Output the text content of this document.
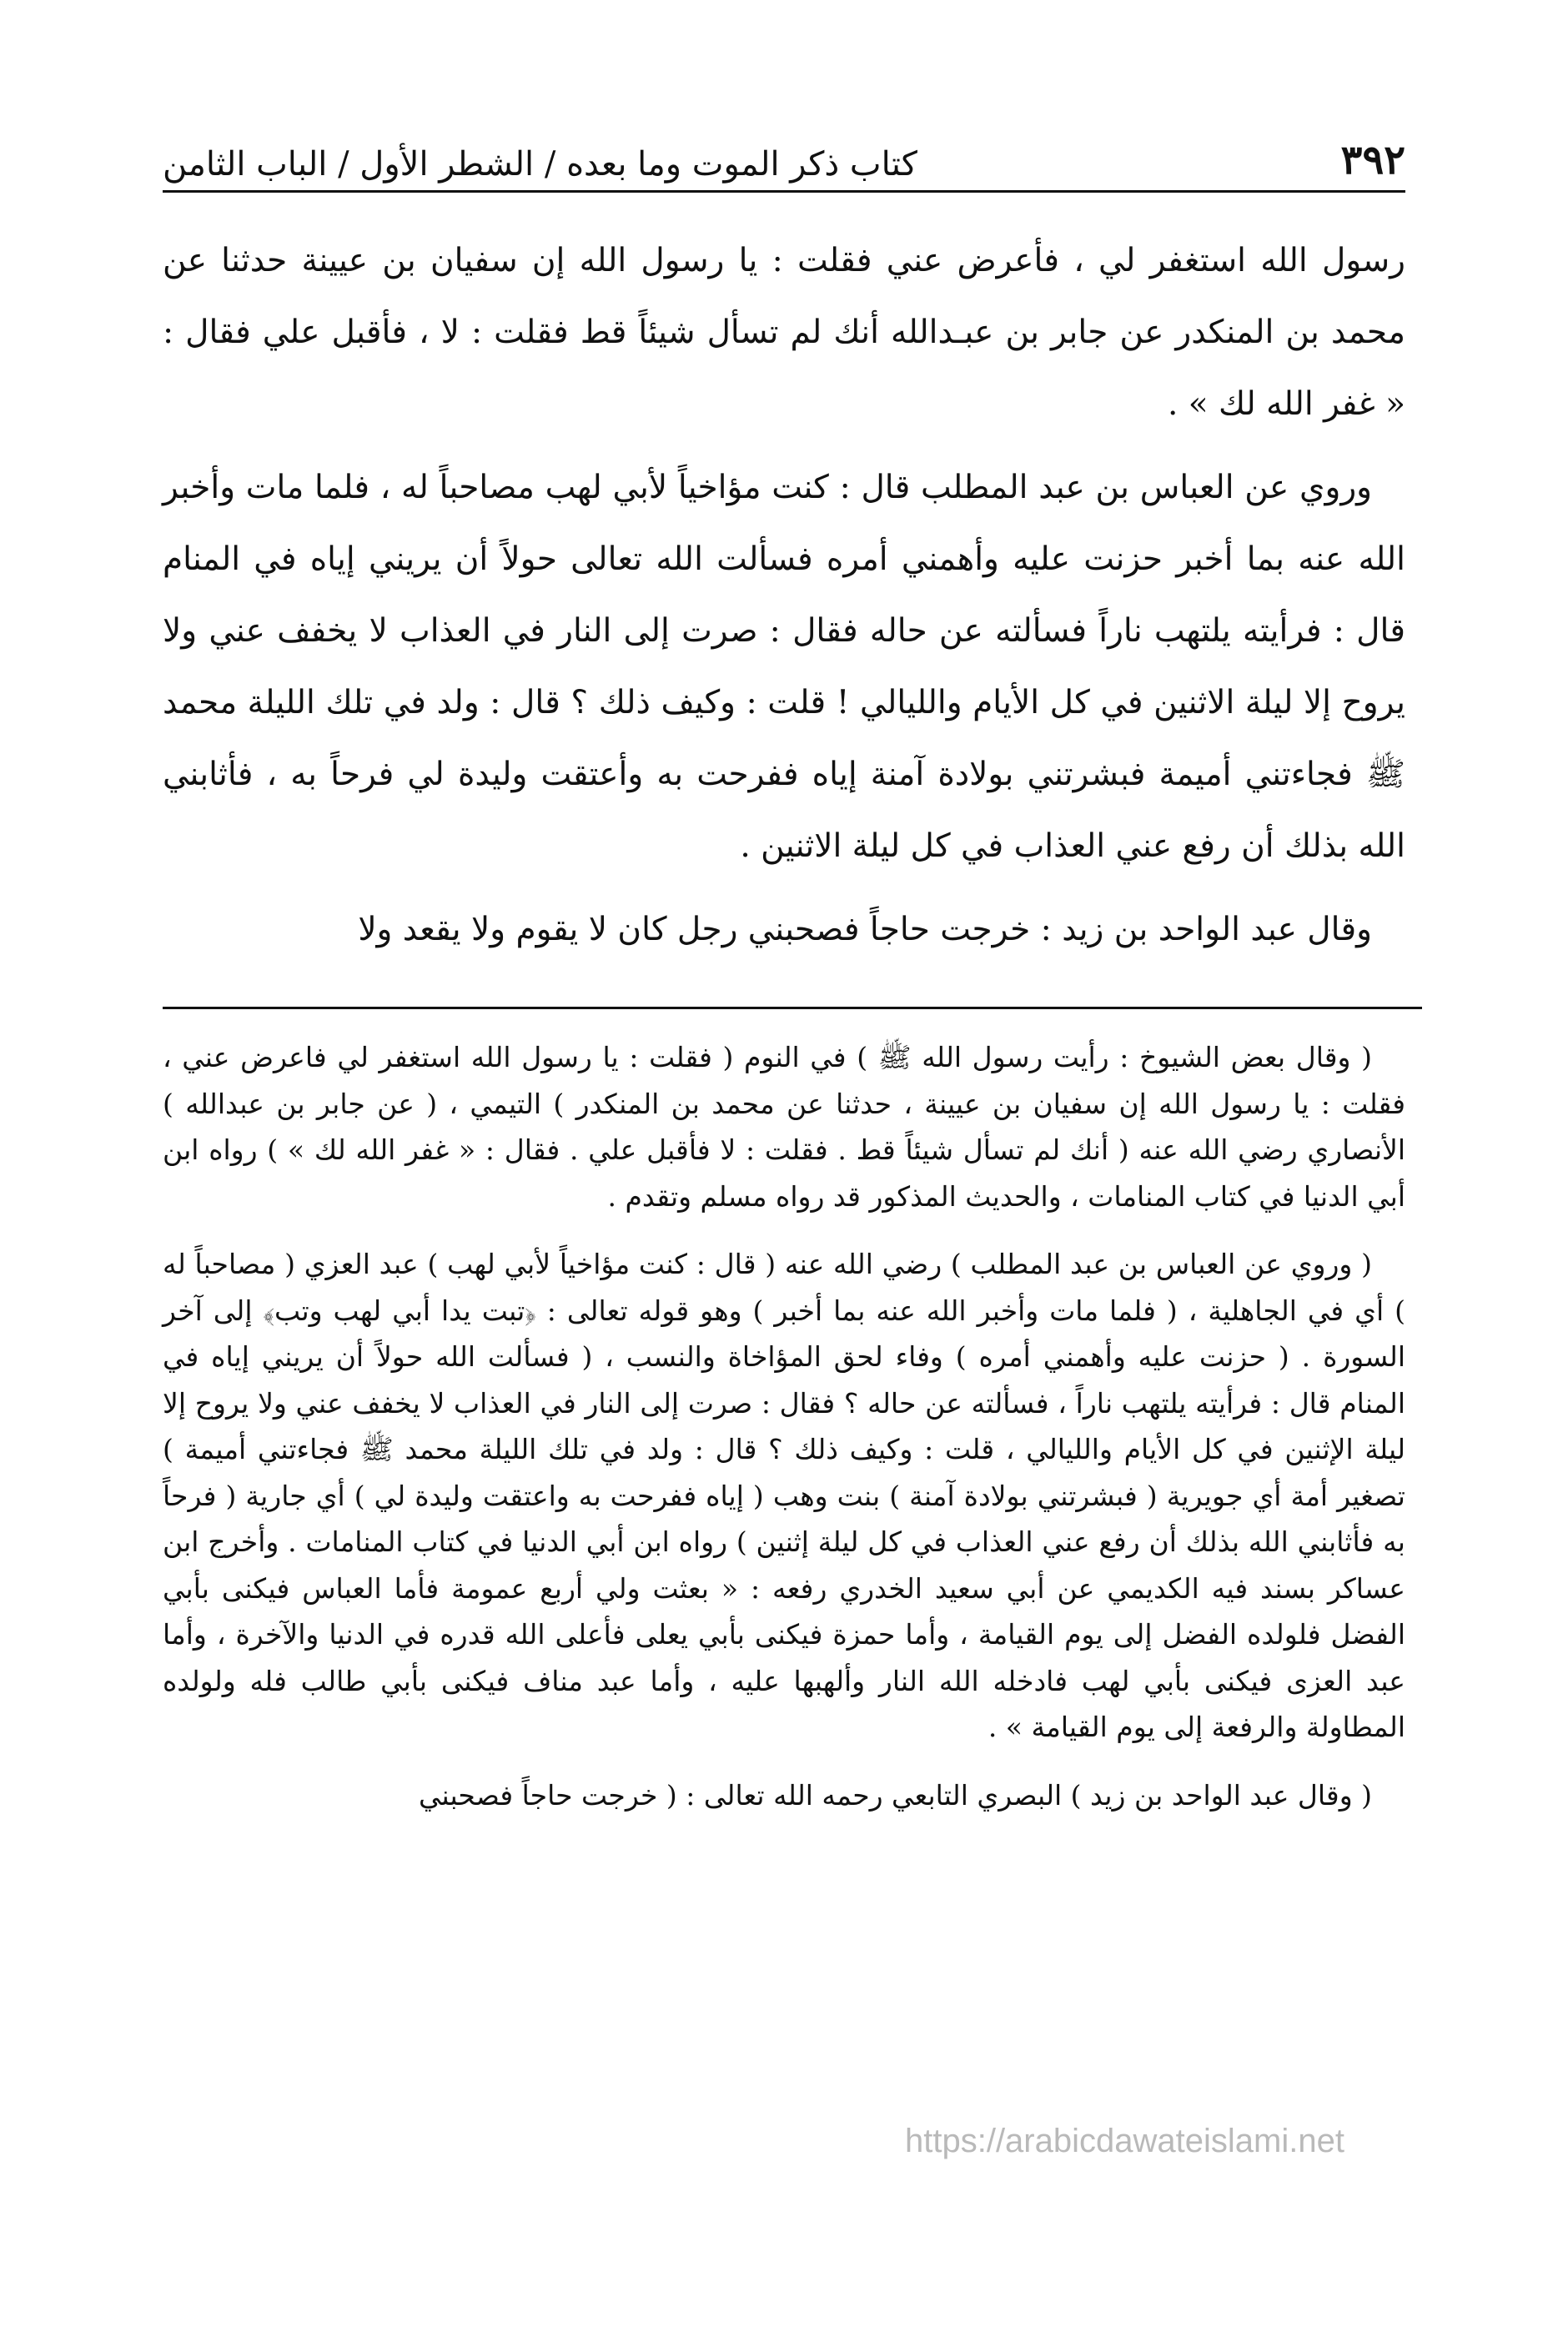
٣٩٢
كتاب ذكر الموت وما بعده / الشطر الأول / الباب الثامن

رسول الله استغفر لي ، فأعرض عني فقلت : يا رسول الله إن سفيان بن عيينة حدثنا عن محمد بن المنكدر عن جابر بن عبـدالله أنك لم تسأل شيئاً قط فقلت : لا ، فأقبل علي فقال : « غفر الله لك » .

وروي عن العباس بن عبد المطلب قال : كنت مؤاخياً لأبي لهب مصاحباً له ، فلما مات وأخبر الله عنه بما أخبر حزنت عليه وأهمني أمره فسألت الله تعالى حولاً أن يريني إياه في المنام قال : فرأيته يلتهب ناراً فسألته عن حاله فقال : صرت إلى النار في العذاب لا يخفف عني ولا يروح إلا ليلة الاثنين في كل الأيام والليالي ! قلت : وكيف ذلك ؟ قال : ولد في تلك الليلة محمد ﷺ فجاءتني أميمة فبشرتني بولادة آمنة إياه ففرحت به وأعتقت وليدة لي فرحاً به ، فأثابني الله بذلك أن رفع عني العذاب في كل ليلة الاثنين .

وقال عبد الواحد بن زيد : خرجت حاجاً فصحبني رجل كان لا يقوم ولا يقعد ولا

( وقال بعض الشيوخ : رأيت رسول الله ﷺ ) في النوم ( فقلت : يا رسول الله استغفر لي فاعرض عني ، فقلت : يا رسول الله إن سفيان بن عيينة ، حدثنا عن محمد بن المنكدر ) التيمي ، ( عن جابر بن عبدالله ) الأنصاري رضي الله عنه ( أنك لم تسأل شيئاً قط . فقلت : لا فأقبل علي . فقال : « غفر الله لك » ) رواه ابن أبي الدنيا في كتاب المنامات ، والحديث المذكور قد رواه مسلم وتقدم .

( وروي عن العباس بن عبد المطلب ) رضي الله عنه ( قال : كنت مؤاخياً لأبي لهب ) عبد العزي ( مصاحباً له ) أي في الجاهلية ، ( فلما مات وأخبر الله عنه بما أخبر ) وهو قوله تعالى : ﴿تبت يدا أبي لهب وتب﴾ إلى آخر السورة . ( حزنت عليه وأهمني أمره ) وفاء لحق المؤاخاة والنسب ، ( فسألت الله حولاً أن يريني إياه في المنام قال : فرأيته يلتهب ناراً ، فسألته عن حاله ؟ فقال : صرت إلى النار في العذاب لا يخفف عني ولا يروح إلا ليلة الإثنين في كل الأيام والليالي ، قلت : وكيف ذلك ؟ قال : ولد في تلك الليلة محمد ﷺ فجاءتني أميمة ) تصغير أمة أي جويرية ( فبشرتني بولادة آمنة ) بنت وهب ( إياه ففرحت به واعتقت وليدة لي ) أي جارية ( فرحاً به فأثابني الله بذلك أن رفع عني العذاب في كل ليلة إثنين ) رواه ابن أبي الدنيا في كتاب المنامات . وأخرج ابن عساكر بسند فيه الكديمي عن أبي سعيد الخدري رفعه : « بعثت ولي أربع عمومة فأما العباس فيكنى بأبي الفضل فلولده الفضل إلى يوم القيامة ، وأما حمزة فيكنى بأبي يعلى فأعلى الله قدره في الدنيا والآخرة ، وأما عبد العزى فيكنى بأبي لهب فادخله الله النار وألهبها عليه ، وأما عبد مناف فيكنى بأبي طالب فله ولولده المطاولة والرفعة إلى يوم القيامة » .

( وقال عبد الواحد بن زيد ) البصري التابعي رحمه الله تعالى : ( خرجت حاجاً فصحبني

https://arabicdawateislami.net
